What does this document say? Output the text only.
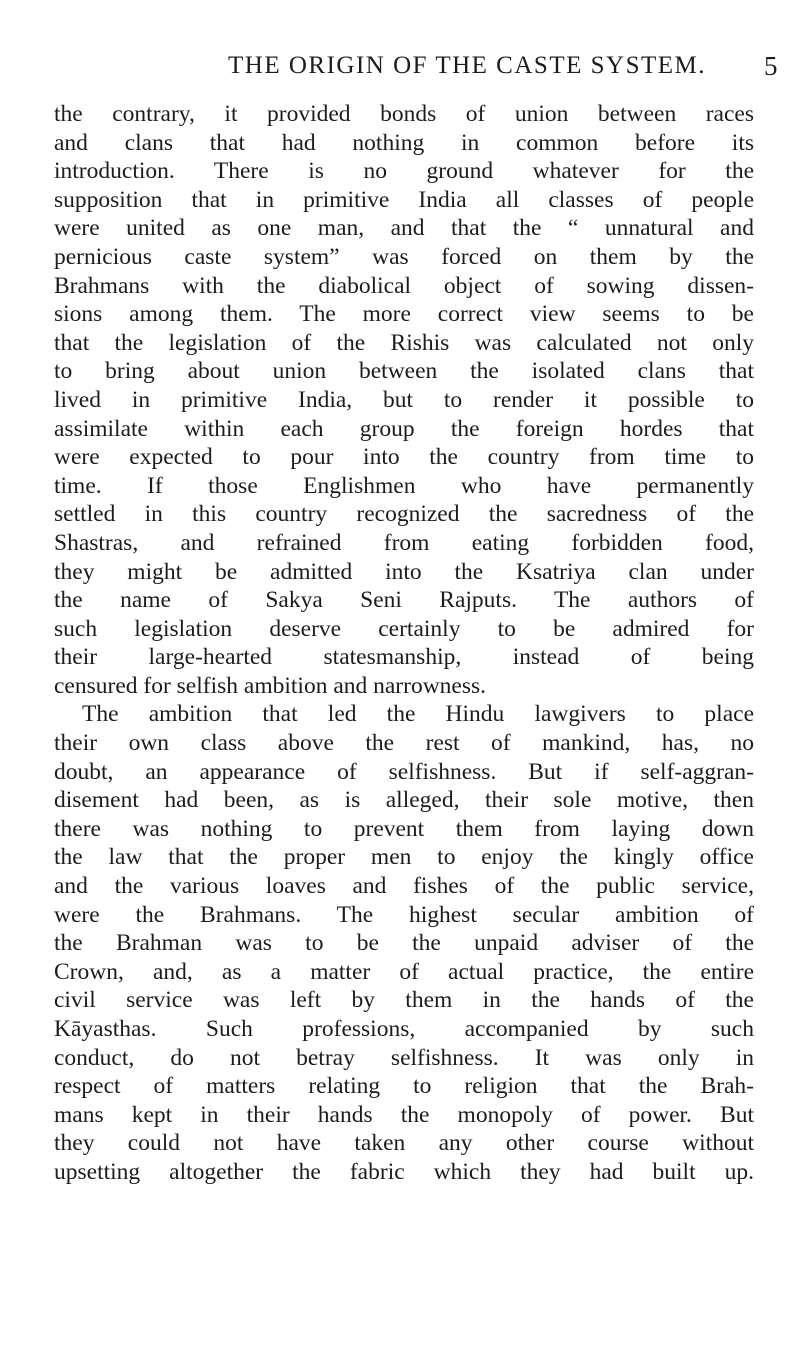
THE ORIGIN OF THE CASTE SYSTEM. 5
the contrary, it provided bonds of union between races
and clans that had nothing in common before its
introduction. There is no ground whatever for the
supposition that in primitive India all classes of people
were united as one man, and that the “ unnatural and
pernicious caste system” was forced on them by the
Brahmans with the diabolical object of sowing dissen-
sions among them. The more correct view seems to be
that the legislation of the Rishis was calculated not only
to bring about union between the isolated clans that
lived in primitive India, but to render it possible to
assimilate within each group the foreign hordes that
were expected to pour into the country from time to
time. If those Englishmen who have permanently
settled in this country recognized the sacredness of the
Shastras, and refrained from eating forbidden food,
they might be admitted into the Ksatriya clan under
the name of Sakya Seni Rajputs. The authors of
such legislation deserve certainly to be admired for
their large-hearted statesmanship, instead of being
censured for selfish ambition and narrowness.
The ambition that led the Hindu lawgivers to place
their own class above the rest of mankind, has, no
doubt, an appearance of selfishness. But if self-aggran-
disement had been, as is alleged, their sole motive, then
there was nothing to prevent them from laying down
the law that the proper men to enjoy the kingly office
and the various loaves and fishes of the public service,
were the Brahmans. The highest secular ambition of
the Brahman was to be the unpaid adviser of the
Crown, and, as a matter of actual practice, the entire
civil service was left by them in the hands of the
Kāyasthas. Such professions, accompanied by such
conduct, do not betray selfishness. It was only in
respect of matters relating to religion that the Brah-
mans kept in their hands the monopoly of power. But
they could not have taken any other course without
upsetting altogether the fabric which they had built up.
